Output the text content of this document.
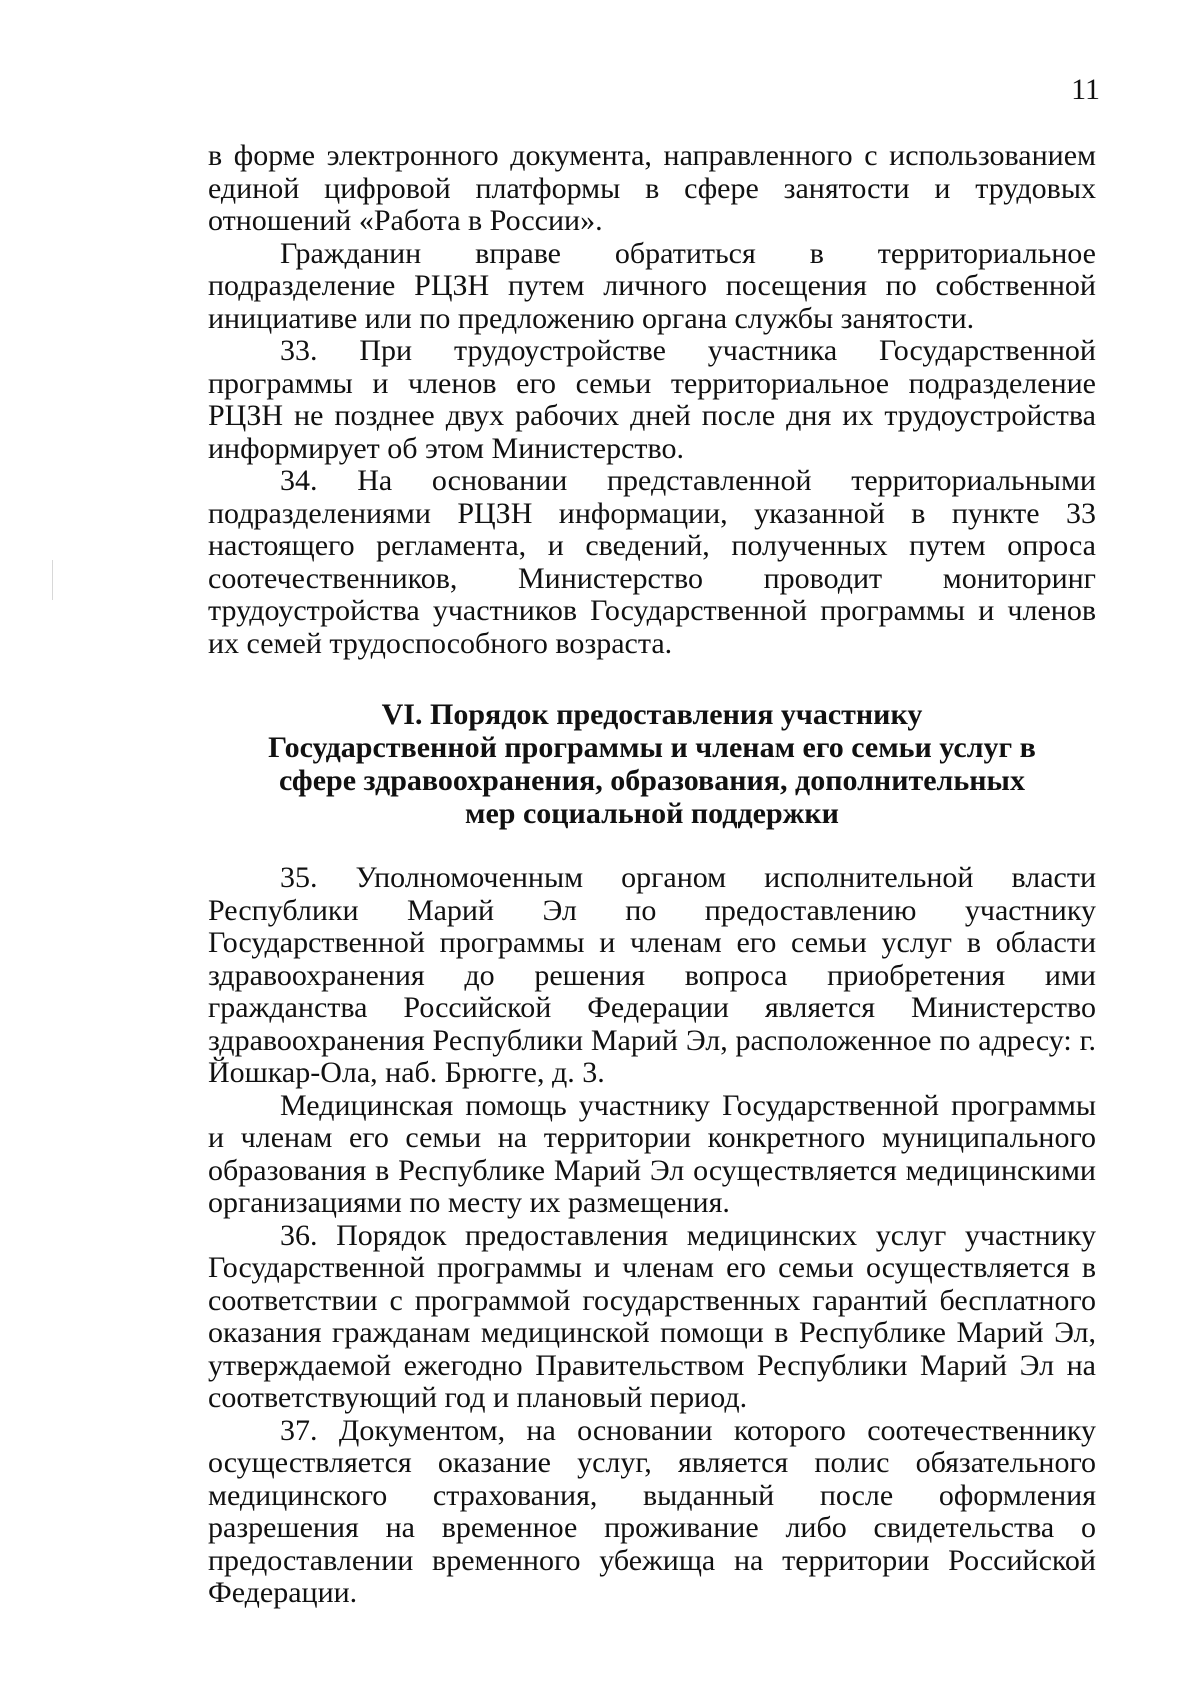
11

в форме электронного документа, направленного с использованием единой цифровой платформы в сфере занятости и трудовых отношений «Работа в России».

Гражданин вправе обратиться в территориальное подразделение РЦЗН путем личного посещения по собственной инициативе или по предложению органа службы занятости.

33. При трудоустройстве участника Государственной программы и членов его семьи территориальное подразделение РЦЗН не позднее двух рабочих дней после дня их трудоустройства информирует об этом Министерство.

34. На основании представленной территориальными подразделениями РЦЗН информации, указанной в пункте 33 настоящего регламента, и сведений, полученных путем опроса соотечественников, Министерство проводит мониторинг трудоустройства участников Государственной программы и членов их семей трудоспособного возраста.

VI. Порядок предоставления участнику Государственной программы и членам его семьи услуг в сфере здравоохранения, образования, дополнительных мер социальной поддержки

35. Уполномоченным органом исполнительной власти Республики Марий Эл по предоставлению участнику Государственной программы и членам его семьи услуг в области здравоохранения до решения вопроса приобретения ими гражданства Российской Федерации является Министерство здравоохранения Республики Марий Эл, расположенное по адресу: г. Йошкар-Ола, наб. Брюгге, д. 3.

Медицинская помощь участнику Государственной программы и членам его семьи на территории конкретного муниципального образования в Республике Марий Эл осуществляется медицинскими организациями по месту их размещения.

36. Порядок предоставления медицинских услуг участнику Государственной программы и членам его семьи осуществляется в соответствии с программой государственных гарантий бесплатного оказания гражданам медицинской помощи в Республике Марий Эл, утверждаемой ежегодно Правительством Республики Марий Эл на соответствующий год и плановый период.

37. Документом, на основании которого соотечественнику осуществляется оказание услуг, является полис обязательного медицинского страхования, выданный после оформления разрешения на временное проживание либо свидетельства о предоставлении временного убежища на территории Российской Федерации.
